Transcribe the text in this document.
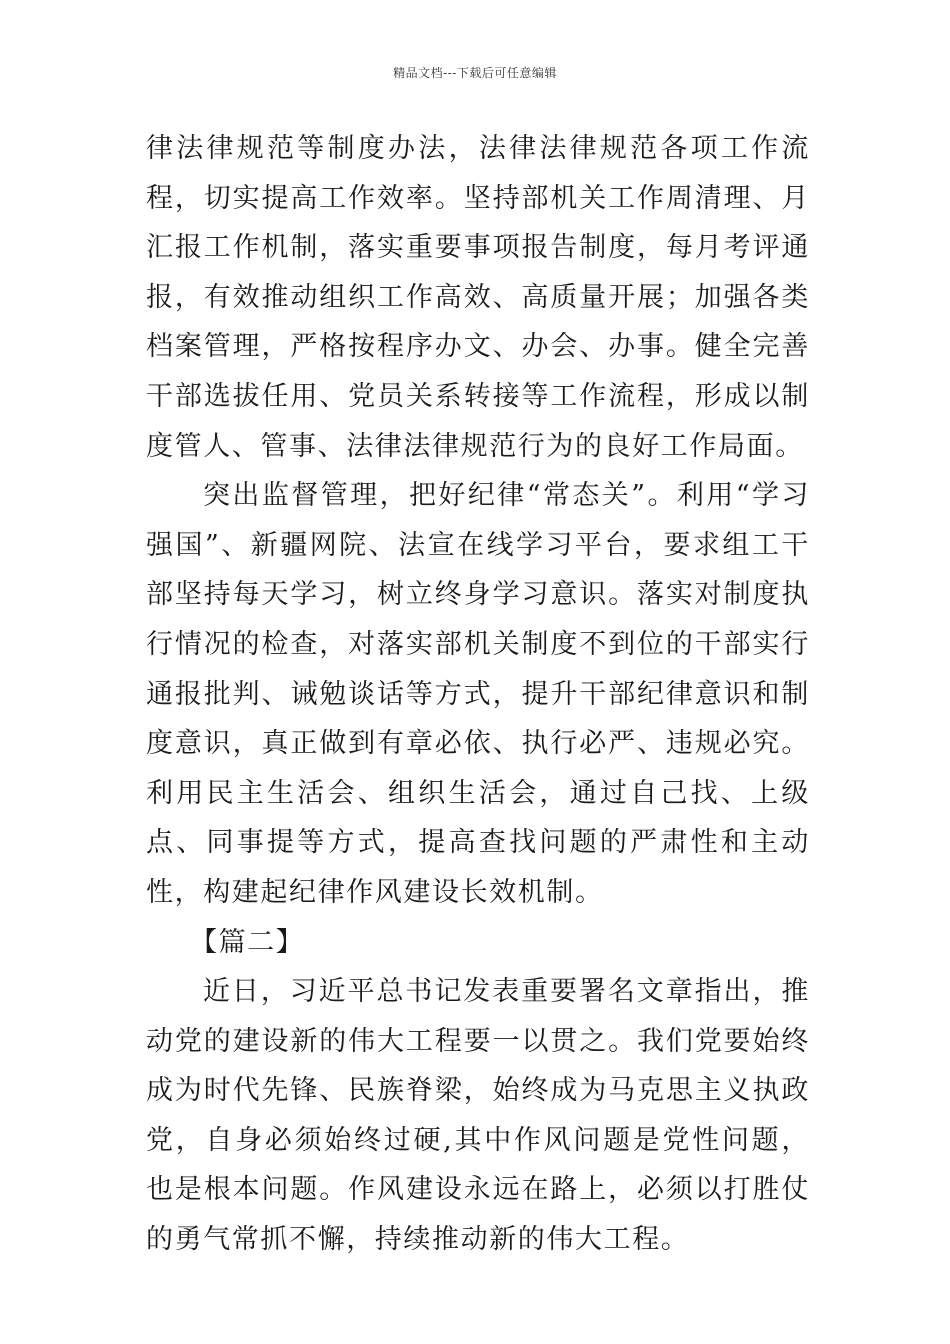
精品文档---下载后可任意编辑

律法律规范等制度办法，法律法律规范各项工作流程，切实提高工作效率。坚持部机关工作周清理、月汇报工作机制，落实重要事项报告制度，每月考评通报，有效推动组织工作高效、高质量开展；加强各类档案管理，严格按程序办文、办会、办事。健全完善干部选拔任用、党员关系转接等工作流程，形成以制度管人、管事、法律法律规范行为的良好工作局面。

突出监督管理，把好纪律“常态关”。利用“学习强国”、新疆网院、法宣在线学习平台，要求组工干部坚持每天学习，树立终身学习意识。落实对制度执行情况的检查，对落实部机关制度不到位的干部实行通报批判、诫勉谈话等方式，提升干部纪律意识和制度意识，真正做到有章必依、执行必严、违规必究。利用民主生活会、组织生活会，通过自己找、上级点、同事提等方式，提高查找问题的严肃性和主动性，构建起纪律作风建设长效机制。

【篇二】

近日，习近平总书记发表重要署名文章指出，推动党的建设新的伟大工程要一以贯之。我们党要始终成为时代先锋、民族脊梁，始终成为马克思主义执政党，自身必须始终过硬,其中作风问题是党性问题，也是根本问题。作风建设永远在路上，必须以打胜仗的勇气常抓不懈，持续推动新的伟大工程。
